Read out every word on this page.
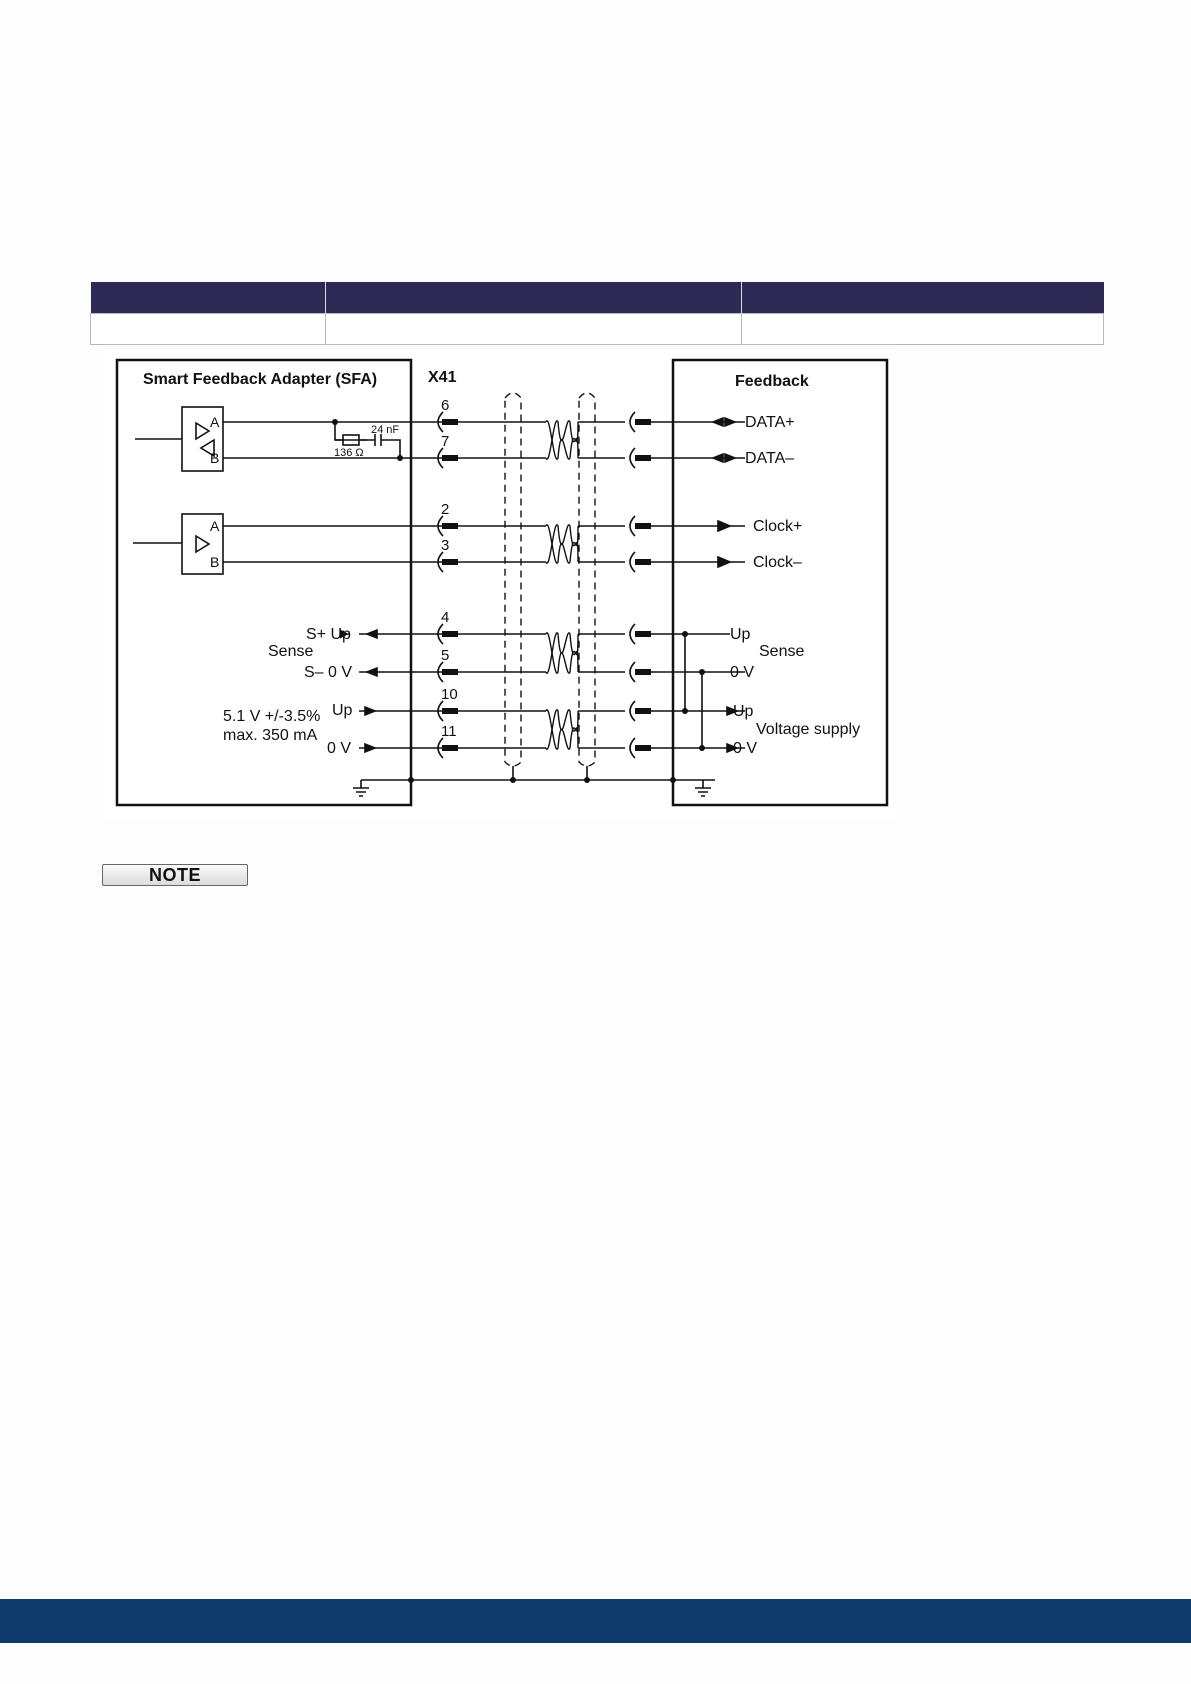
Smart Feedback Adapter (SFA)	X41	Feedback
A
B
A
B
24 nF
136 Ω
6
7
2
3
4
5
10
11
DATA+
DATA–
Clock+
Clock–
S+ Up
Sense
S– 0 V
5.1 V +/-3.5%
max. 350 mA
Up
0 V
Up
Sense
0 V
Up
Voltage supply
0 V
NOTE
